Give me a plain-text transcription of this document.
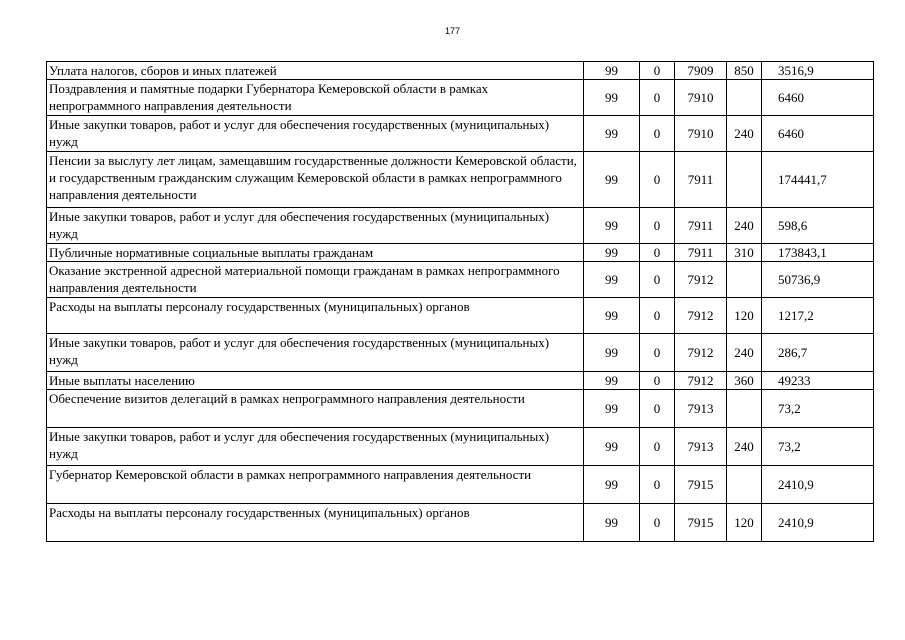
177
Уплата налогов, сборов и иных платежей	99	0	7909	850	3516,9
Поздравления и памятные подарки Губернатора Кемеровской области в рамках непрограммного направления деятельности	99	0	7910		6460
Иные закупки товаров, работ и услуг для обеспечения государственных (муниципальных) нужд	99	0	7910	240	6460
Пенсии за выслугу лет лицам, замещавшим государственные должности Кемеровской области, и государственным гражданским служащим Кемеровской области в рамках непрограммного направления деятельности	99	0	7911		174441,7
Иные закупки товаров, работ и услуг для обеспечения государственных (муниципальных) нужд	99	0	7911	240	598,6
Публичные нормативные социальные выплаты гражданам	99	0	7911	310	173843,1
Оказание экстренной адресной материальной помощи гражданам в рамках непрограммного направления деятельности	99	0	7912		50736,9
Расходы на выплаты персоналу государственных (муниципальных) органов	99	0	7912	120	1217,2
Иные закупки товаров, работ и услуг для обеспечения государственных (муниципальных) нужд	99	0	7912	240	286,7
Иные выплаты населению	99	0	7912	360	49233
Обеспечение визитов делегаций в рамках непрограммного направления деятельности	99	0	7913		73,2
Иные закупки товаров, работ и услуг для обеспечения государственных (муниципальных) нужд	99	0	7913	240	73,2
Губернатор Кемеровской области в рамках непрограммного направления деятельности	99	0	7915		2410,9
Расходы на выплаты персоналу государственных (муниципальных) органов	99	0	7915	120	2410,9
